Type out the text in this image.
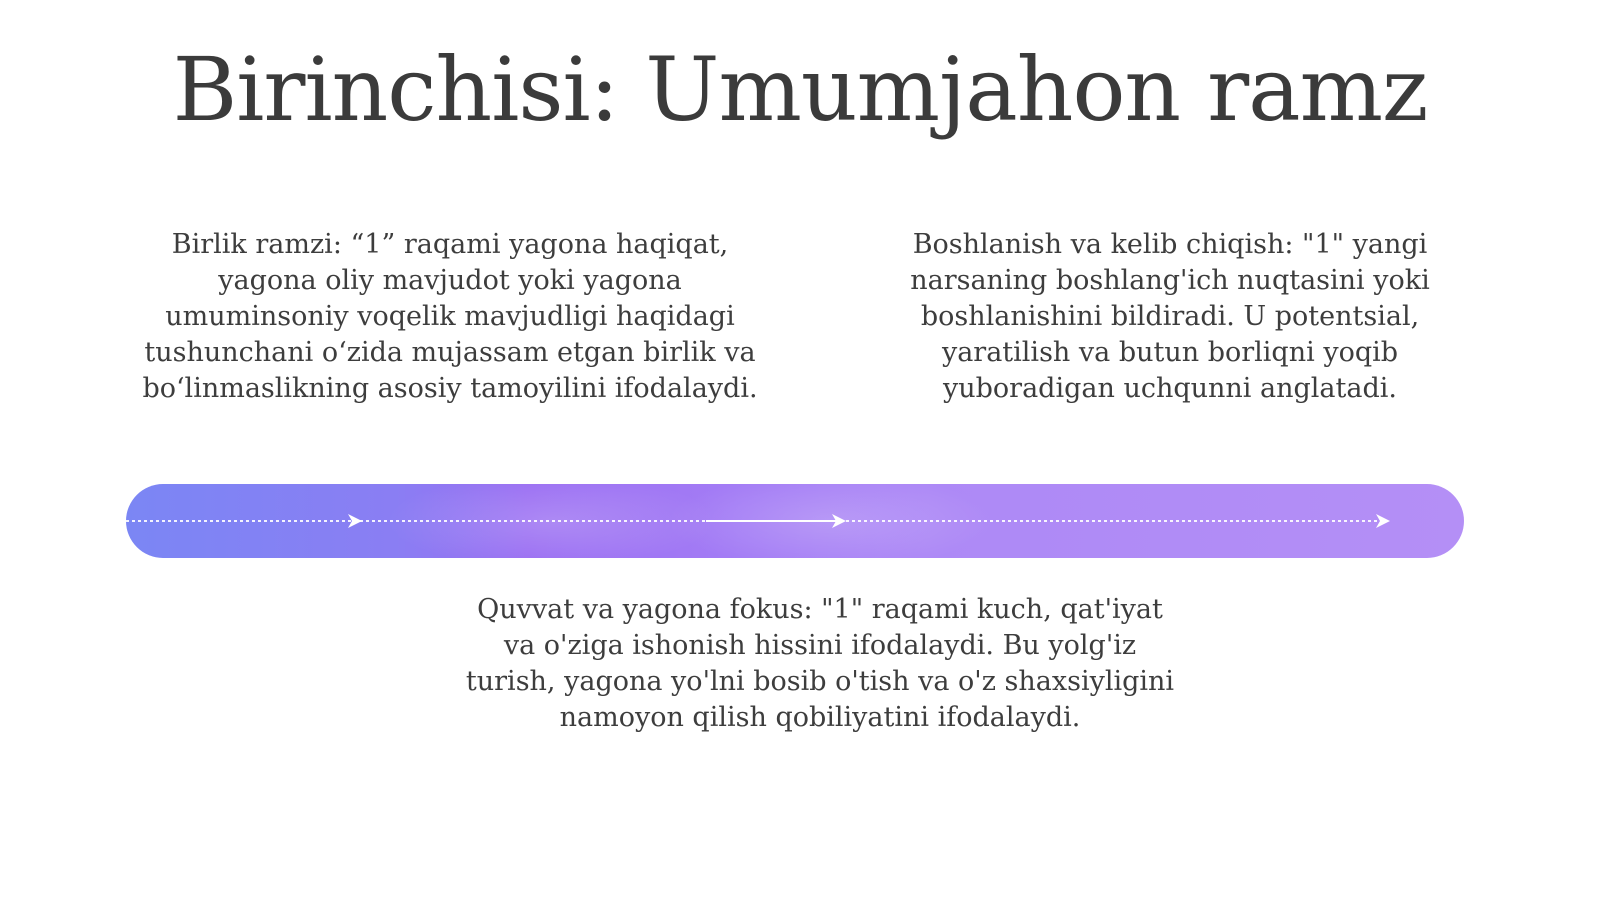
Birinchisi: Umumjahon ramz
Birlik ramzi: “1” raqami yagona haqiqat, yagona oliy mavjudot yoki yagona umuminsoniy voqelik mavjudligi haqidagi tushunchani o‘zida mujassam etgan birlik va bo‘linmaslikning asosiy tamoyilini ifodalaydi.
Boshlanish va kelib chiqish: "1" yangi narsaning boshlang'ich nuqtasini yoki boshlanishini bildiradi. U potentsial, yaratilish va butun borliqni yoqib yuboradigan uchqunni anglatadi.
Quvvat va yagona fokus: "1" raqami kuch, qat'iyat va o'ziga ishonish hissini ifodalaydi. Bu yolg'iz turish, yagona yo'lni bosib o'tish va o'z shaxsiyligini namoyon qilish qobiliyatini ifodalaydi.
